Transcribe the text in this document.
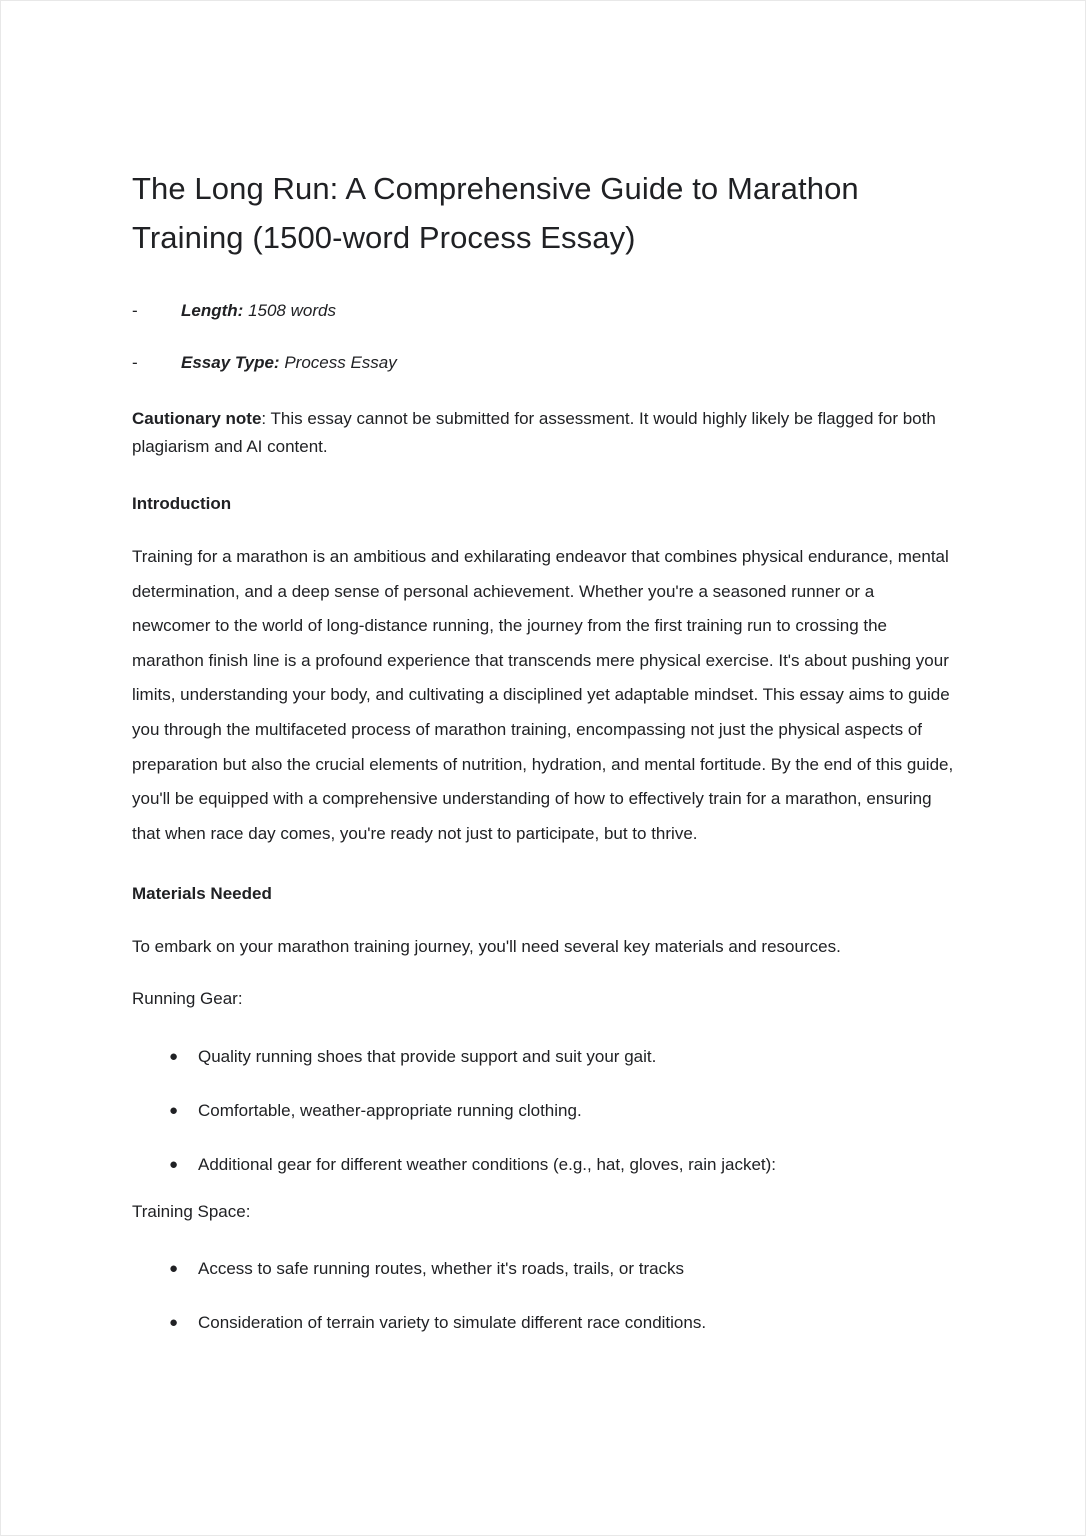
The Long Run: A Comprehensive Guide to Marathon Training (1500-word Process Essay)
-	Length: 1508 words
-	Essay Type: Process Essay

Cautionary note: This essay cannot be submitted for assessment. It would highly likely be flagged for both plagiarism and AI content.

Introduction

Training for a marathon is an ambitious and exhilarating endeavor that combines physical endurance, mental determination, and a deep sense of personal achievement. Whether you're a seasoned runner or a newcomer to the world of long-distance running, the journey from the first training run to crossing the marathon finish line is a profound experience that transcends mere physical exercise. It's about pushing your limits, understanding your body, and cultivating a disciplined yet adaptable mindset. This essay aims to guide you through the multifaceted process of marathon training, encompassing not just the physical aspects of preparation but also the crucial elements of nutrition, hydration, and mental fortitude. By the end of this guide, you'll be equipped with a comprehensive understanding of how to effectively train for a marathon, ensuring that when race day comes, you're ready not just to participate, but to thrive.

Materials Needed

To embark on your marathon training journey, you'll need several key materials and resources.

Running Gear:
● Quality running shoes that provide support and suit your gait.
● Comfortable, weather-appropriate running clothing.
● Additional gear for different weather conditions (e.g., hat, gloves, rain jacket):
Training Space:
● Access to safe running routes, whether it's roads, trails, or tracks
● Consideration of terrain variety to simulate different race conditions.
